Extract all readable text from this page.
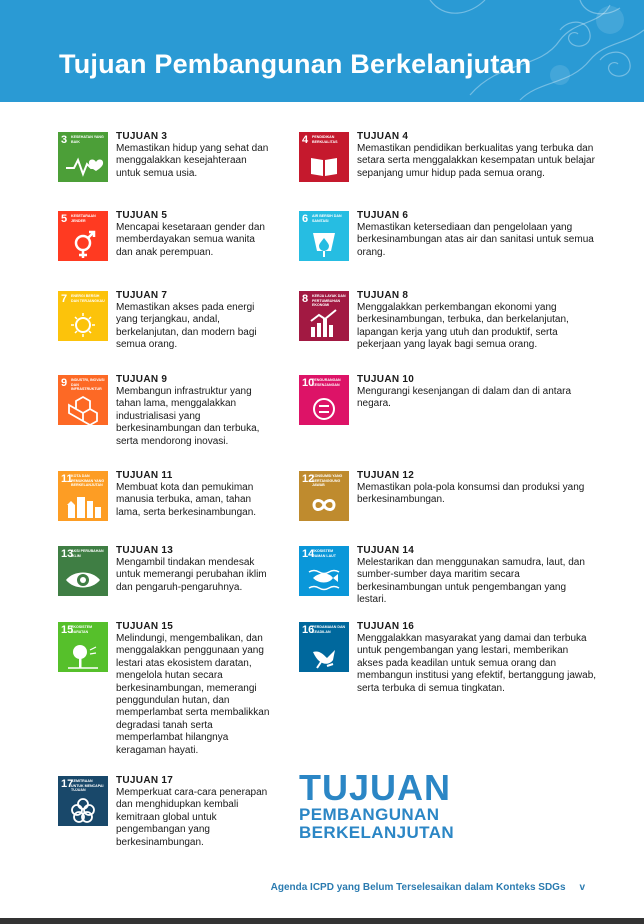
Tujuan Pembangunan Berkelanjutan
3 KESEHATAN YANG BAIK	TUJUAN 3
Memastikan hidup yang sehat dan menggalakkan kesejahteraan untuk semua usia.
4 PENDIDIKAN BERKUALITAS	TUJUAN 4
Memastikan pendidikan berkualitas yang terbuka dan setara serta menggalakkan kesempatan untuk belajar sepanjang umur hidup pada semua orang.
5 KESETARAAN JENDER	TUJUAN 5
Mencapai kesetaraan gender dan memberdayakan semua wanita dan anak perempuan.
6 AIR BERSIH DAN SANITASI	TUJUAN 6
Memastikan ketersediaan dan pengelolaan yang berkesinambungan atas air dan sanitasi untuk semua orang.
7 ENERGI BERSIH DAN TERJANGKAU TUJUAN 7
Memastikan akses pada energi yang terjangkau, andal, berkelanjutan, dan modern bagi semua orang.
8 KERJA LAYAK DAN PERTUMBUHAN EKONOMI
TUJUAN 8
Menggalakkan perkembangan ekonomi yang berkesinambungan, terbuka, dan berkelanjutan, lapangan kerja yang utuh dan produktif, serta pekerjaan yang layak bagi semua orang.
9 INDUSTRI, INOVASI DAN INFRASTRUKTUR
TUJUAN 9
Membangun infrastruktur yang tahan lama, menggalakkan industrialisasi yang berkesinambungan dan terbuka, serta mendorong inovasi.
10
PENGURANGAN KESENJANGAN	TUJUAN 10
Mengurangi kesenjangan di dalam dan di antara negara.
11
KOTA DAN PEMUKIMAN YANG BERKELANJUTAN
TUJUAN 11
Membuat kota dan pemukiman manusia terbuka, aman, tahan lama, serta berkesinambungan.
12
KONSUMSI YANG BERTANGGUNG JAWAB
TUJUAN 12
Memastikan pola-pola konsumsi dan produksi yang berkesinambungan.
13
AKSI PERUBAHAN IKLIM	TUJUAN 13
Mengambil tindakan mendesak untuk memerangi perubahan iklim dan pengaruh-pengaruhnya.
14
EKOSISTEM DAMAN LAUT	TUJUAN 14
Melestarikan dan menggunakan samudra, laut, dan sumber-sumber daya maritim secara berkesinambungan untuk pengembangan yang lestari.
15
EKOSISTEM DARATAN	TUJUAN 15
Melindungi, mengembalikan, dan menggalakkan penggunaan yang lestari atas ekosistem daratan, mengelola hutan secara berkesinambungan, memerangi penggundulan hutan, dan memperlambat serta membalikkan degradasi tanah serta memperlambat hilangnya keragaman hayati.
16
PERDAMAIAN DAN KEADILAN	TUJUAN 16
Menggalakkan masyarakat yang damai dan terbuka untuk pengembangan yang lestari, memberikan akses pada keadilan untuk semua orang dan membangun institusi yang efektif, bertanggung jawab, serta terbuka di semua tingkatan.
17
KEMITRAAN UNTUK MENCAPAI TUJUAN
TUJUAN 17
Memperkuat cara-cara penerapan dan menghidupkan kembali kemitraan global untuk pengembangan yang berkesinambungan.
TUJUAN
PEMBANGUNAN
BERKELANJUTAN
Agenda ICPD yang Belum Terselesaikan dalam Konteks SDGs v
